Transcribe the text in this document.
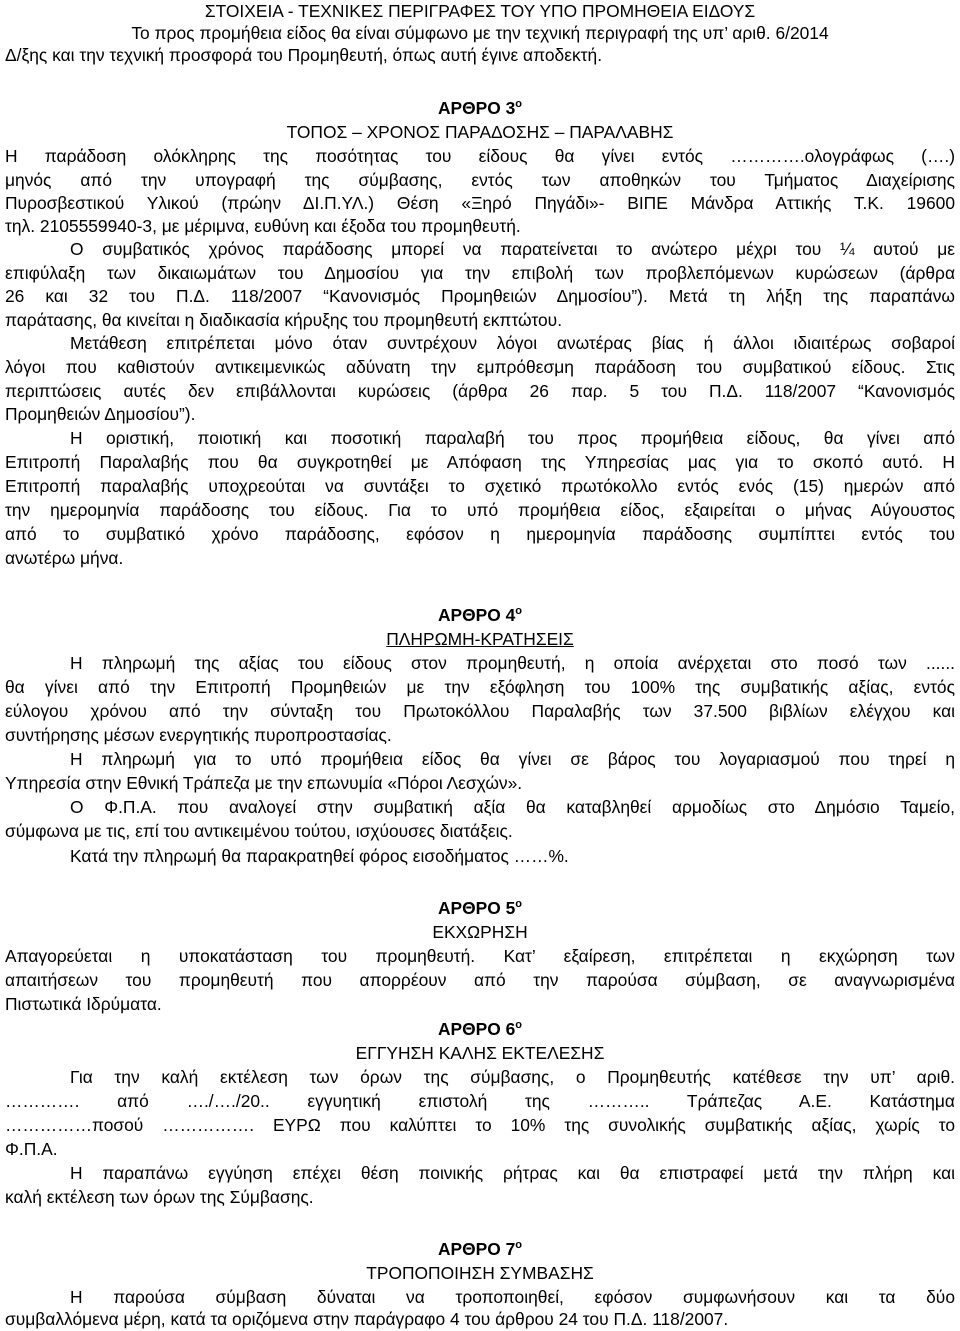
ΣΤΟΙΧΕΙΑ - ΤΕΧΝΙΚΕΣ ΠΕΡΙΓΡΑΦΕΣ ΤΟΥ ΥΠΟ ΠΡΟΜΗΘΕΙΑ ΕΙΔΟΥΣ
Το προς προμήθεια είδος θα είναι σύμφωνο με την τεχνική περιγραφή της υπ’ αριθ. 6/2014
Δ/ξης και την τεχνική προσφορά του Προμηθευτή, όπως αυτή έγινε αποδεκτή.
ΑΡΘΡΟ $3^o$
ΤΟΠΟΣ – ΧΡΟΝΟΣ ΠΑΡΑΔΟΣΗΣ – ΠΑΡΑΛΑΒΗΣ
Η παράδοση ολόκληρης της ποσότητας του είδους θα γίνει εντός ………….ολογράφως (….)
μηνός από την υπογραφή της σύμβασης, εντός των αποθηκών του Τμήματος Διαχείρισης
Πυροσβεστικού Υλικού (πρώην ΔΙ.Π.ΥΛ.) Θέση «Ξηρό Πηγάδι»- ΒΙΠΕ Μάνδρα Αττικής Τ.Κ. 19600
τηλ. 2105559940-3, με μέριμνα, ευθύνη και έξοδα του προμηθευτή.
Ο συμβατικός χρόνος παράδοσης μπορεί να παρατείνεται το ανώτερο μέχρι του ¼ αυτού με
επιφύλαξη των δικαιωμάτων του Δημοσίου για την επιβολή των προβλεπόμενων κυρώσεων (άρθρα
26 και 32 του Π.Δ. 118/2007 “Κανονισμός Προμηθειών Δημοσίου”). Μετά τη λήξη της παραπάνω
παράτασης, θα κινείται η διαδικασία κήρυξης του προμηθευτή εκπτώτου.
Μετάθεση επιτρέπεται μόνο όταν συντρέχουν λόγοι ανωτέρας βίας ή άλλοι ιδιαιτέρως σοβαροί
λόγοι που καθιστούν αντικειμενικώς αδύνατη την εμπρόθεσμη παράδοση του συμβατικού είδους. Στις
περιπτώσεις αυτές δεν επιβάλλονται κυρώσεις (άρθρα 26 παρ. 5 του Π.Δ. 118/2007 “Κανονισμός
Προμηθειών Δημοσίου”).
Η οριστική, ποιοτική και ποσοτική παραλαβή του προς προμήθεια είδους, θα γίνει από
Επιτροπή Παραλαβής που θα συγκροτηθεί με Απόφαση της Υπηρεσίας μας για το σκοπό αυτό. Η
Επιτροπή παραλαβής υποχρεούται να συντάξει το σχετικό πρωτόκολλο εντός ενός (15) ημερών από
την ημερομηνία παράδοσης του είδους. Για το υπό προμήθεια είδος, εξαιρείται ο μήνας Αύγουστος
από το συμβατικό χρόνο παράδοσης, εφόσον η ημερομηνία παράδοσης συμπίπτει εντός του
ανωτέρω μήνα.
ΑΡΘΡΟ $4^o$
ΠΛΗΡΩΜΗ-ΚΡΑΤΗΣΕΙΣ
Η πληρωμή της αξίας του είδους στον προμηθευτή, η οποία ανέρχεται στο ποσό των ......
θα γίνει από την Επιτροπή Προμηθειών με την εξόφληση του 100% της συμβατικής αξίας, εντός
εύλογου χρόνου από την σύνταξη του Πρωτοκόλλου Παραλαβής των 37.500 βιβλίων ελέγχου και
συντήρησης μέσων ενεργητικής πυροπροστασίας.
Η πληρωμή για το υπό προμήθεια είδος θα γίνει σε βάρος του λογαριασμού που τηρεί η
Υπηρεσία στην Εθνική Τράπεζα με την επωνυμία «Πόροι Λεσχών».
Ο Φ.Π.Α. που αναλογεί στην συμβατική αξία θα καταβληθεί αρμοδίως στο Δημόσιο Ταμείο,
σύμφωνα με τις, επί του αντικειμένου τούτου, ισχύουσες διατάξεις.
Κατά την πληρωμή θα παρακρατηθεί φόρος εισοδήματος ……%.
ΑΡΘΡΟ $5^o$
ΕΚΧΩΡΗΣΗ
Απαγορεύεται η υποκατάσταση του προμηθευτή. Κατ’ εξαίρεση, επιτρέπεται η εκχώρηση των
απαιτήσεων του προμηθευτή που απορρέουν από την παρούσα σύμβαση, σε αναγνωρισμένα
Πιστωτικά Ιδρύματα.
ΑΡΘΡΟ $6^o$
ΕΓΓΥΗΣΗ ΚΑΛΗΣ ΕΚΤΕΛΕΣΗΣ
Για την καλή εκτέλεση των όρων της σύμβασης, ο Προμηθευτής κατέθεσε την υπ’ αριθ.
…………. από …./…./20.. εγγυητική επιστολή της ……….. Τράπεζας Α.Ε. Κατάστημα
……………ποσού ……………. ΕΥΡΩ που καλύπτει το 10% της συνολικής συμβατικής αξίας, χωρίς το
Φ.Π.Α.
Η παραπάνω εγγύηση επέχει θέση ποινικής ρήτρας και θα επιστραφεί μετά την πλήρη και
καλή εκτέλεση των όρων της Σύμβασης.
ΑΡΘΡΟ $7^o$
ΤΡΟΠΟΠΟΙΗΣΗ ΣΥΜΒΑΣΗΣ
Η παρούσα σύμβαση δύναται να τροποποιηθεί, εφόσον συμφωνήσουν και τα δύο
συμβαλλόμενα μέρη, κατά τα οριζόμενα στην παράγραφο 4 του άρθρου 24 του Π.Δ. 118/2007.
